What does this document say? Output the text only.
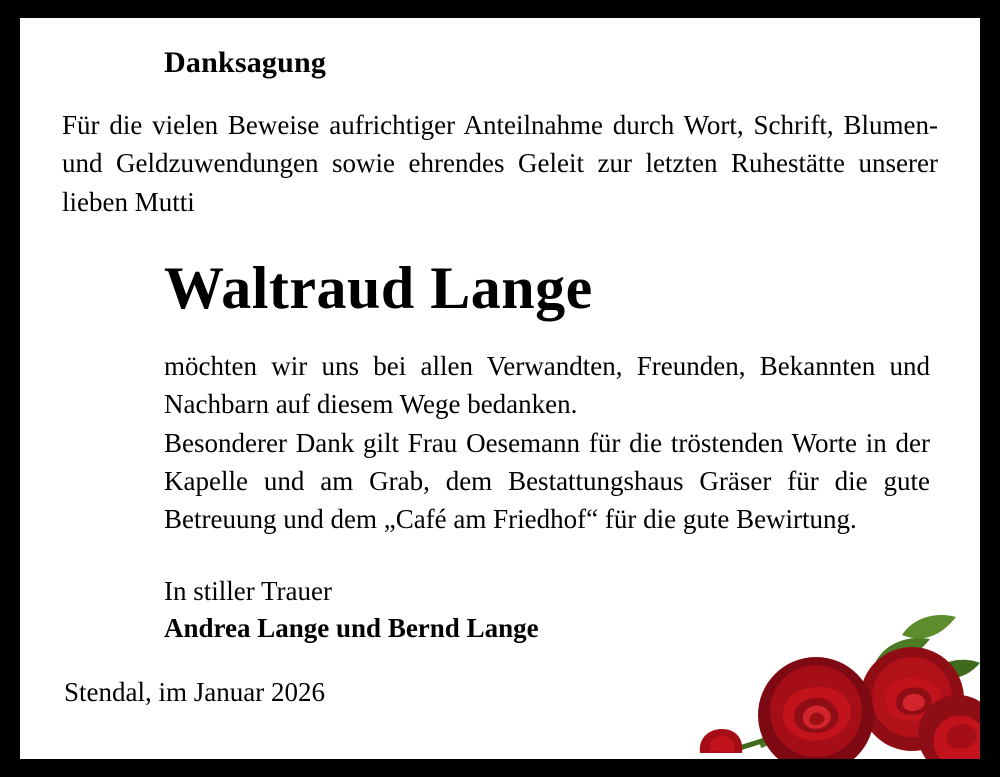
Danksagung
Für die vielen Beweise aufrichtiger Anteilnahme durch Wort, Schrift, Blumen- und Geldzuwendungen sowie ehrendes Geleit zur letzten Ruhestätte unserer lieben Mutti
Waltraud Lange

möchten wir uns bei allen Verwandten, Freunden, Bekannten und Nachbarn auf diesem Wege bedanken.

Besonderer Dank gilt Frau Oesemann für die tröstenden Worte in der Kapelle und am Grab, dem Bestattungshaus Gräser für die gute Betreuung und dem „Café am Friedhof“ für die gute Bewirtung.

In stiller Trauer
Andrea Lange und Bernd Lange
Stendal, im Januar 2026
